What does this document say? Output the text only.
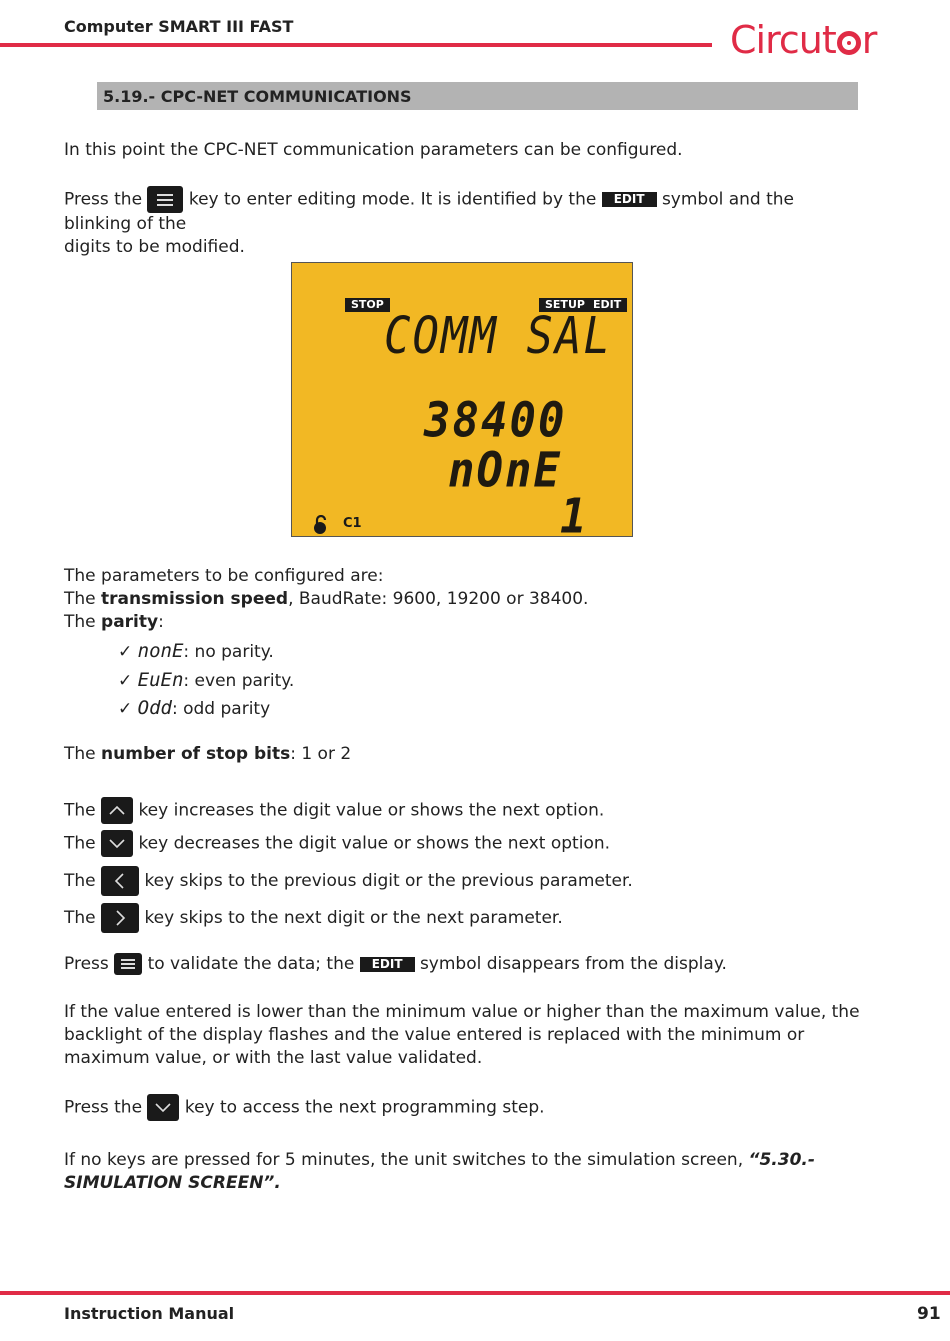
Computer SMART III FAST	Circut r
5.19.- CPC-NET COMMUNICATIONS
In this point the CPC-NET communication parameters can be configured.
Press the	key to enter editing mode. It is identified by the EDIT symbol and the blinking of the
digits to be modified.
STOP	SETUP EDIT
COMM SAL
38400
nOnE
1
C1
The parameters to be configured are:
The transmission speed, BaudRate: 9600, 19200 or 38400.
The parity:
✓ nonE: no parity.
✓ EuEn: even parity.
✓ Odd: odd parity
The number of stop bits: 1 or 2
The	key increases the digit value or shows the next option.
The	key decreases the digit value or shows the next option.
The	key skips to the previous digit or the previous parameter.
The	key skips to the next digit or the next parameter.
Press to validate the data; the EDIT symbol disappears from the display.
If the value entered is lower than the minimum value or higher than the maximum value, the backlight of the display flashes and the value entered is replaced with the minimum or maximum value, or with the last value validated.
Press the	key to access the next programming step.
If no keys are pressed for 5 minutes, the unit switches to the simulation screen, “5.30.- SIMULATION SCREEN”.
Instruction Manual	91
